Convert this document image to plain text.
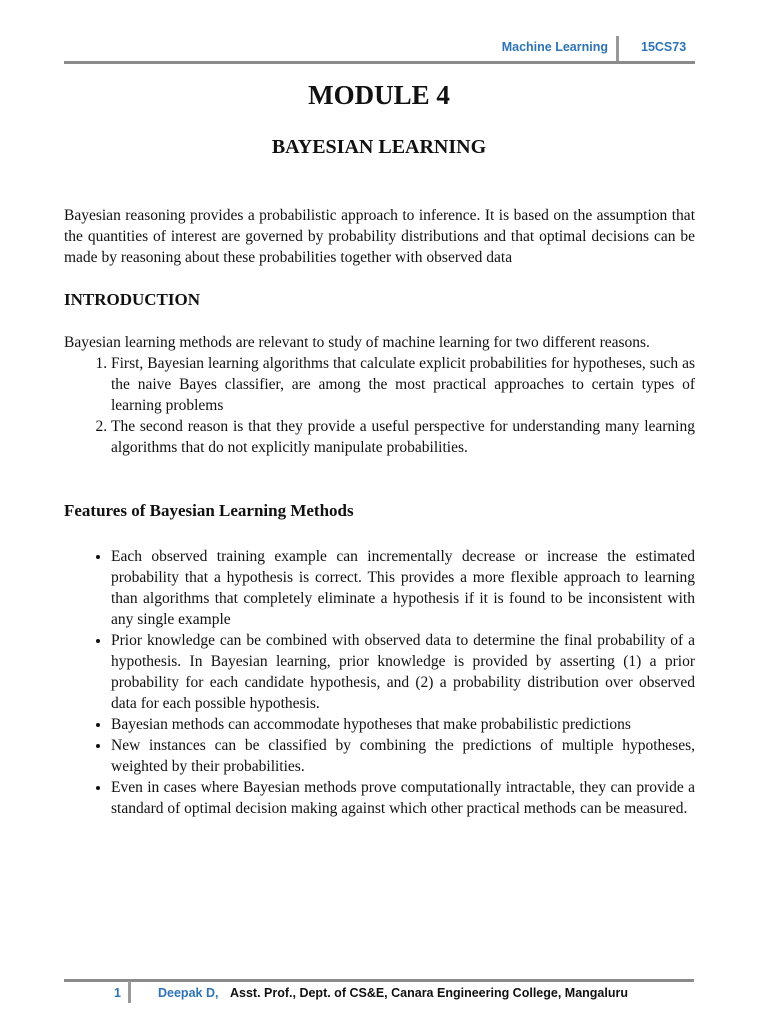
Machine Learning	15CS73
MODULE 4
BAYESIAN LEARNING

Bayesian reasoning provides a probabilistic approach to inference. It is based on the assumption that the quantities of interest are governed by probability distributions and that optimal decisions can be made by reasoning about these probabilities together with observed data

INTRODUCTION

Bayesian learning methods are relevant to study of machine learning for two different reasons.

1. First, Bayesian learning algorithms that calculate explicit probabilities for hypotheses, such as the naive Bayes classifier, are among the most practical approaches to certain types of learning problems
2. The second reason is that they provide a useful perspective for understanding many learning algorithms that do not explicitly manipulate probabilities.
Features of Bayesian Learning Methods
• Each observed training example can incrementally decrease or increase the estimated probability that a hypothesis is correct. This provides a more flexible approach to learning than algorithms that completely eliminate a hypothesis if it is found to be inconsistent with any single example
• Prior knowledge can be combined with observed data to determine the final probability of a hypothesis. In Bayesian learning, prior knowledge is provided by asserting (1) a prior probability for each candidate hypothesis, and (2) a probability distribution over observed data for each possible hypothesis.
• Bayesian methods can accommodate hypotheses that make probabilistic predictions
• New instances can be classified by combining the predictions of multiple hypotheses, weighted by their probabilities.
• Even in cases where Bayesian methods prove computationally intractable, they can provide a standard of optimal decision making against which other practical methods can be measured.
1	Deepak D, Asst. Prof., Dept. of CS&E, Canara Engineering College, Mangaluru
